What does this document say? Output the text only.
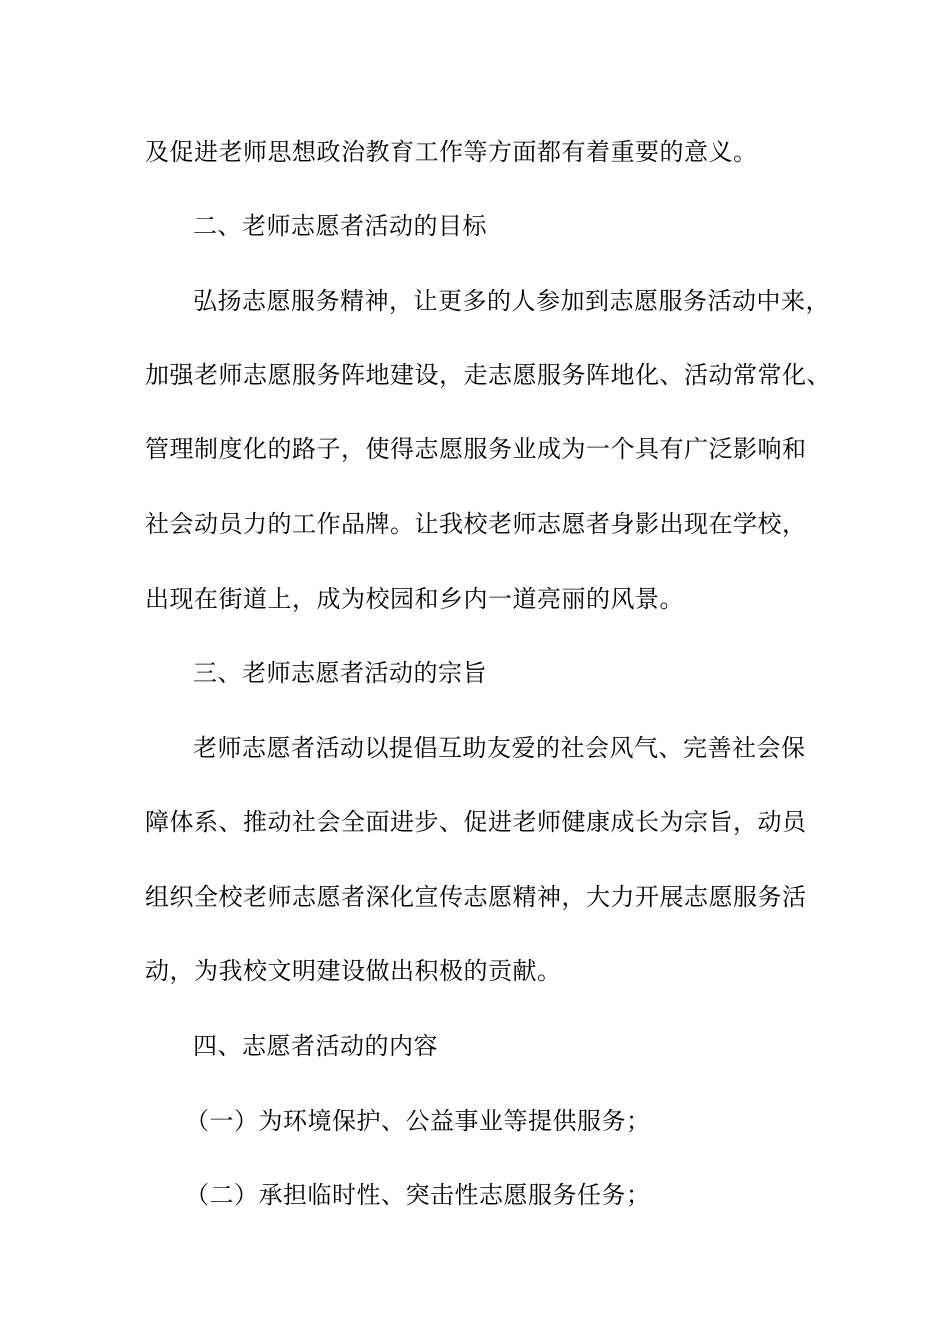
及促进老师思想政治教育工作等方面都有着重要的意义。
二、老师志愿者活动的目标
弘扬志愿服务精神，让更多的人参加到志愿服务活动中来，
加强老师志愿服务阵地建设，走志愿服务阵地化、活动常常化、
管理制度化的路子，使得志愿服务业成为一个具有广泛影响和
社会动员力的工作品牌。让我校老师志愿者身影出现在学校，
出现在街道上，成为校园和乡内一道亮丽的风景。
三、老师志愿者活动的宗旨
老师志愿者活动以提倡互助友爱的社会风气、完善社会保
障体系、推动社会全面进步、促进老师健康成长为宗旨，动员
组织全校老师志愿者深化宣传志愿精神，大力开展志愿服务活
动，为我校文明建设做出积极的贡献。
四、志愿者活动的内容
（一）为环境保护、公益事业等提供服务；
（二）承担临时性、突击性志愿服务任务；
